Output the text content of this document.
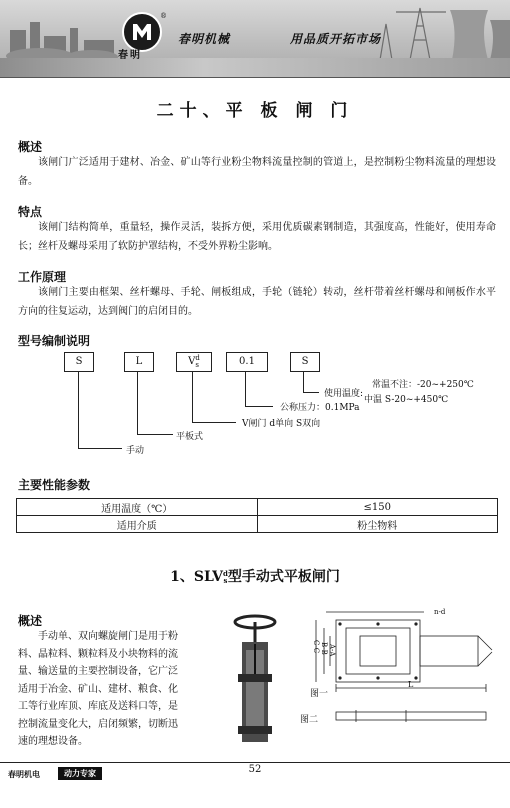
®
春明
春明机械	用品质开拓市场
二十、平 板 闸 门
概述
该闸门广泛适用于建材、冶金、矿山等行业粉尘物料流量控制的管道上，是控制粉尘物料流量的理想设备。
特点
该闸门结构简单，重量轻，操作灵活，装拆方便，采用优质碳素钢制造，其强度高，性能好，使用寿命长；丝杆及螺母采用了软防护罩结构，不受外界粉尘影响。
工作原理
该闸门主要由框架、丝杆螺母、手轮、闸板组成，手轮（链轮）转动，丝杆带着丝杆螺母和闸板作水平方向的往复运动，达到阀门的启闭目的。
型号编制说明
S	L	Vd
s	0.1	S
使用温度:
常温不注：-20~+250℃
中温 S-20~+450℃
公称压力：0.1MPa
V闸门 d单向 S双向
平板式
手动
主要性能参数
适用温度（℃）	≤150
适用介质	粉尘物料
1、SLVd
s型手动式平板闸门
概述
手动单、双向螺旋闸门是用于粉
料、晶粒料、颗粒料及小块物料的流
量、输送量的主要控制设备，它广泛
适用于冶金、矿山、建材、粮食、化
工等行业库顶、库底及送料口等，是
控制流量变化大，启闭频繁，切断迅
速的理想设备。
C-C B-B A-A
n-d
L
图一
图二
52
春明机电	动力专家
